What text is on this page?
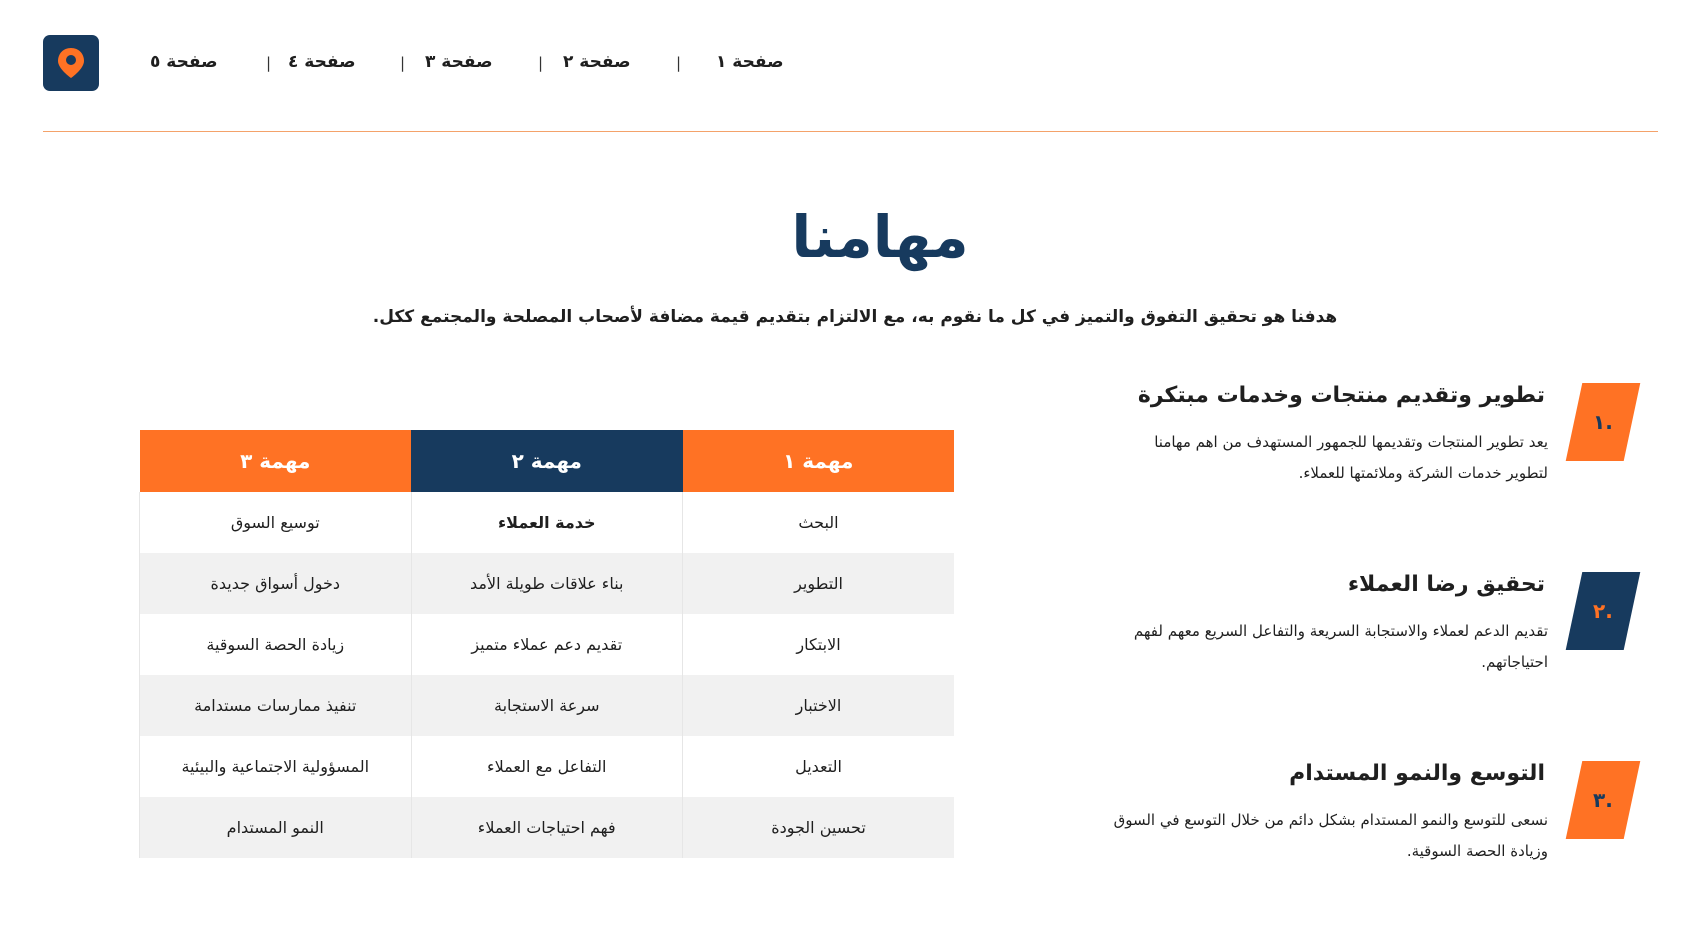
صفحة ٥	| صفحة ٤	| صفحة ٣	| صفحة ٢	| صفحة ١
مهامنا
هدفنا هو تحقيق التفوق والتميز في كل ما نقوم به، مع الالتزام بتقديم قيمة مضافة لأصحاب المصلحة والمجتمع ككل.
مهمة ٣	مهمة ٢	مهمة ١
توسيع السوق	خدمة العملاء	البحث
دخول أسواق جديدة	بناء علاقات طويلة الأمد	التطوير
زيادة الحصة السوقية	تقديم دعم عملاء متميز	الابتكار
تنفيذ ممارسات مستدامة	سرعة الاستجابة	الاختبار
المسؤولية الاجتماعية والبيئية	التفاعل مع العملاء	التعديل
النمو المستدام	فهم احتياجات العملاء	تحسين الجودة
١.
تطوير وتقديم منتجات وخدمات مبتكرة
يعد تطوير المنتجات وتقديمها للجمهور المستهدف من اهم مهامنا لتطوير خدمات الشركة وملائمتها للعملاء.
٢.
تحقيق رضا العملاء
تقديم الدعم لعملاء والاستجابة السريعة والتفاعل السريع معهم لفهم احتياجاتهم.
٣.
التوسع والنمو المستدام
نسعى للتوسع والنمو المستدام بشكل دائم من خلال التوسع في السوق وزيادة الحصة السوقية.
